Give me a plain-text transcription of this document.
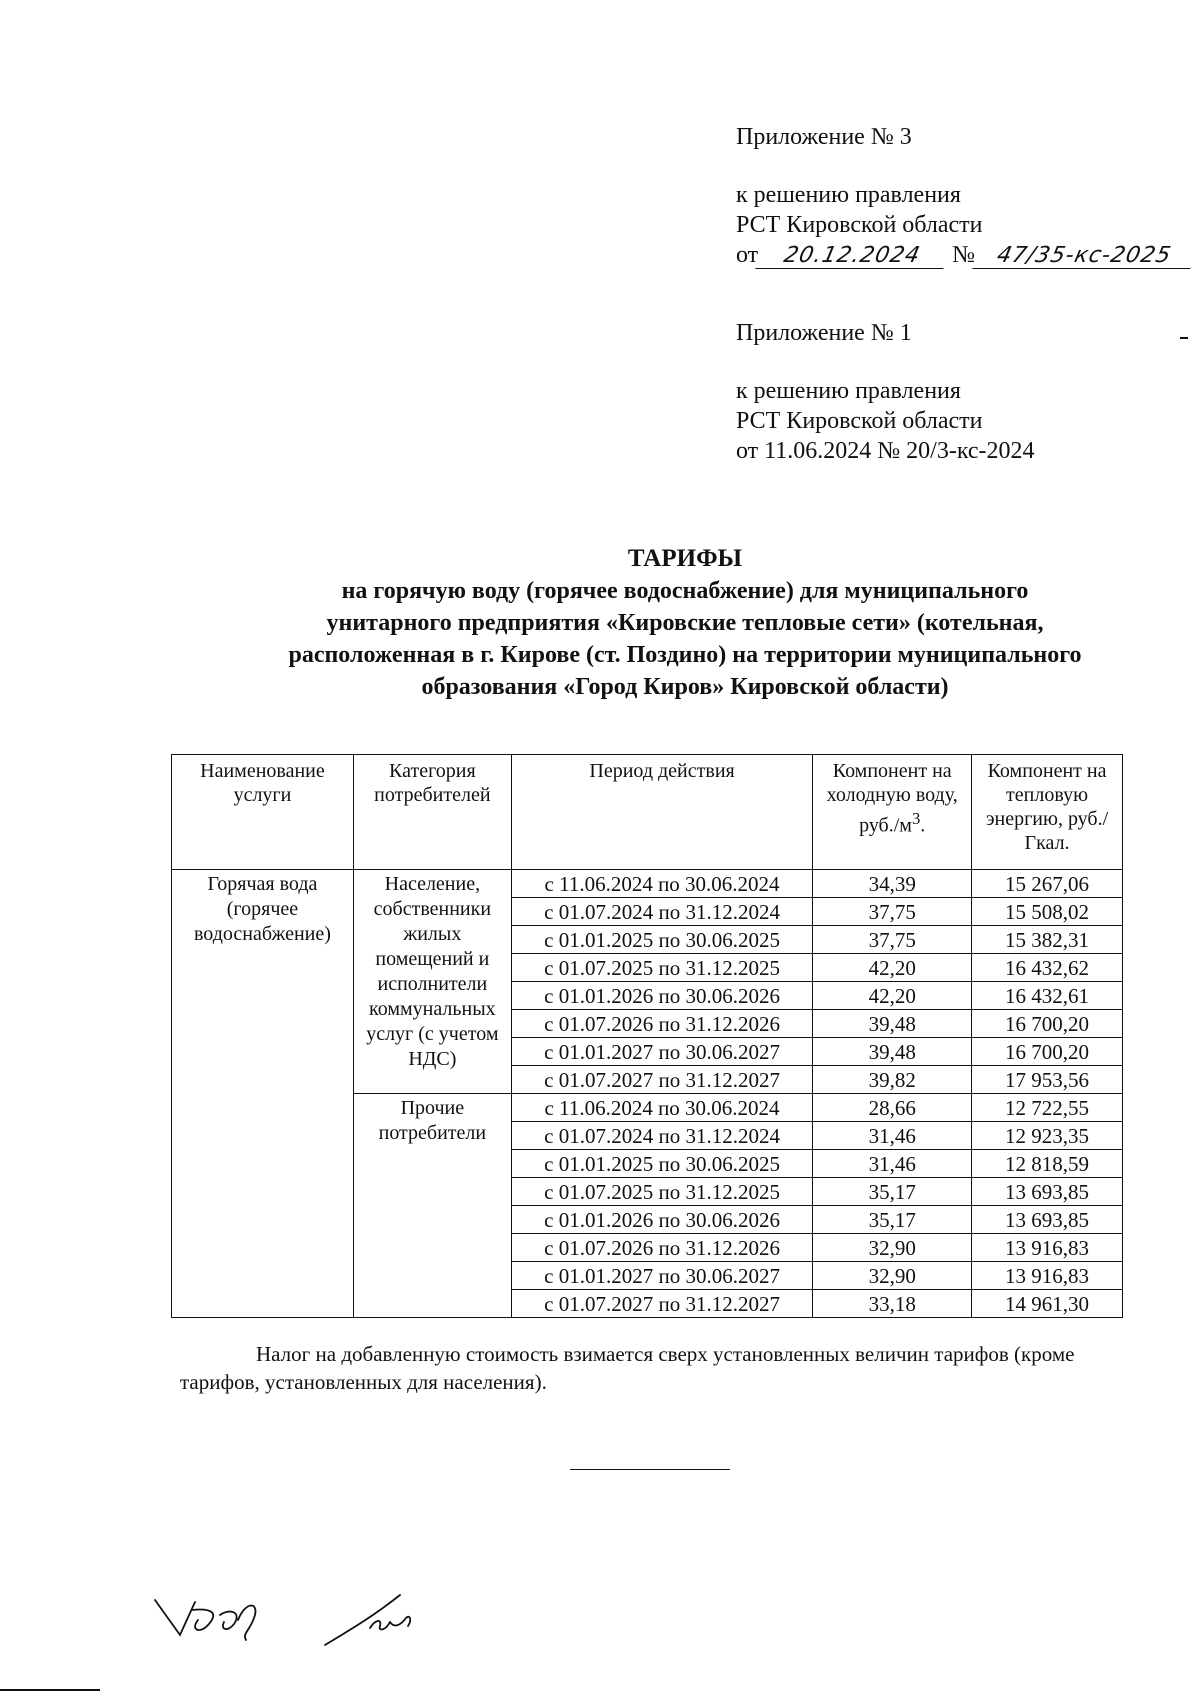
Приложение № 3
к решению правления
РСТ Кировской области
от 20.12.2024 № 47/35-кс-2025
Приложение № 1
к решению правления
РСТ Кировской области
от 11.06.2024 № 20/3-кс-2024
ТАРИФЫ
на горячую воду (горячее водоснабжение) для муниципального
унитарного предприятия «Кировские тепловые сети» (котельная,
расположенная в г. Кирове (ст. Поздино) на территории муниципального
образования «Город Киров» Кировской области)
Наименование услуги	Категория потребителей	Период действия	Компонент на холодную воду, $руб./м^3$.	Компонент на тепловую энергию, руб./Гкал.
Горячая вода (горячее водоснабжение)	Население, собственники жилых помещений и исполнители коммунальных услуг (с учетом НДС)	с 11.06.2024 по 30.06.2024	34,39	15 267,06
		с 01.07.2024 по 31.12.2024	37,75	15 508,02
		с 01.01.2025 по 30.06.2025	37,75	15 382,31
		с 01.07.2025 по 31.12.2025	42,20	16 432,62
		с 01.01.2026 по 30.06.2026	42,20	16 432,61
		с 01.07.2026 по 31.12.2026	39,48	16 700,20
		с 01.01.2027 по 30.06.2027	39,48	16 700,20
		с 01.07.2027 по 31.12.2027	39,82	17 953,56
	Прочие потребители	с 11.06.2024 по 30.06.2024	28,66	12 722,55
		с 01.07.2024 по 31.12.2024	31,46	12 923,35
		с 01.01.2025 по 30.06.2025	31,46	12 818,59
		с 01.07.2025 по 31.12.2025	35,17	13 693,85
		с 01.01.2026 по 30.06.2026	35,17	13 693,85
		с 01.07.2026 по 31.12.2026	32,90	13 916,83
		с 01.01.2027 по 30.06.2027	32,90	13 916,83
		с 01.07.2027 по 31.12.2027	33,18	14 961,30
Налог на добавленную стоимость взимается сверх установленных величин тарифов (кроме тарифов, установленных для населения).
